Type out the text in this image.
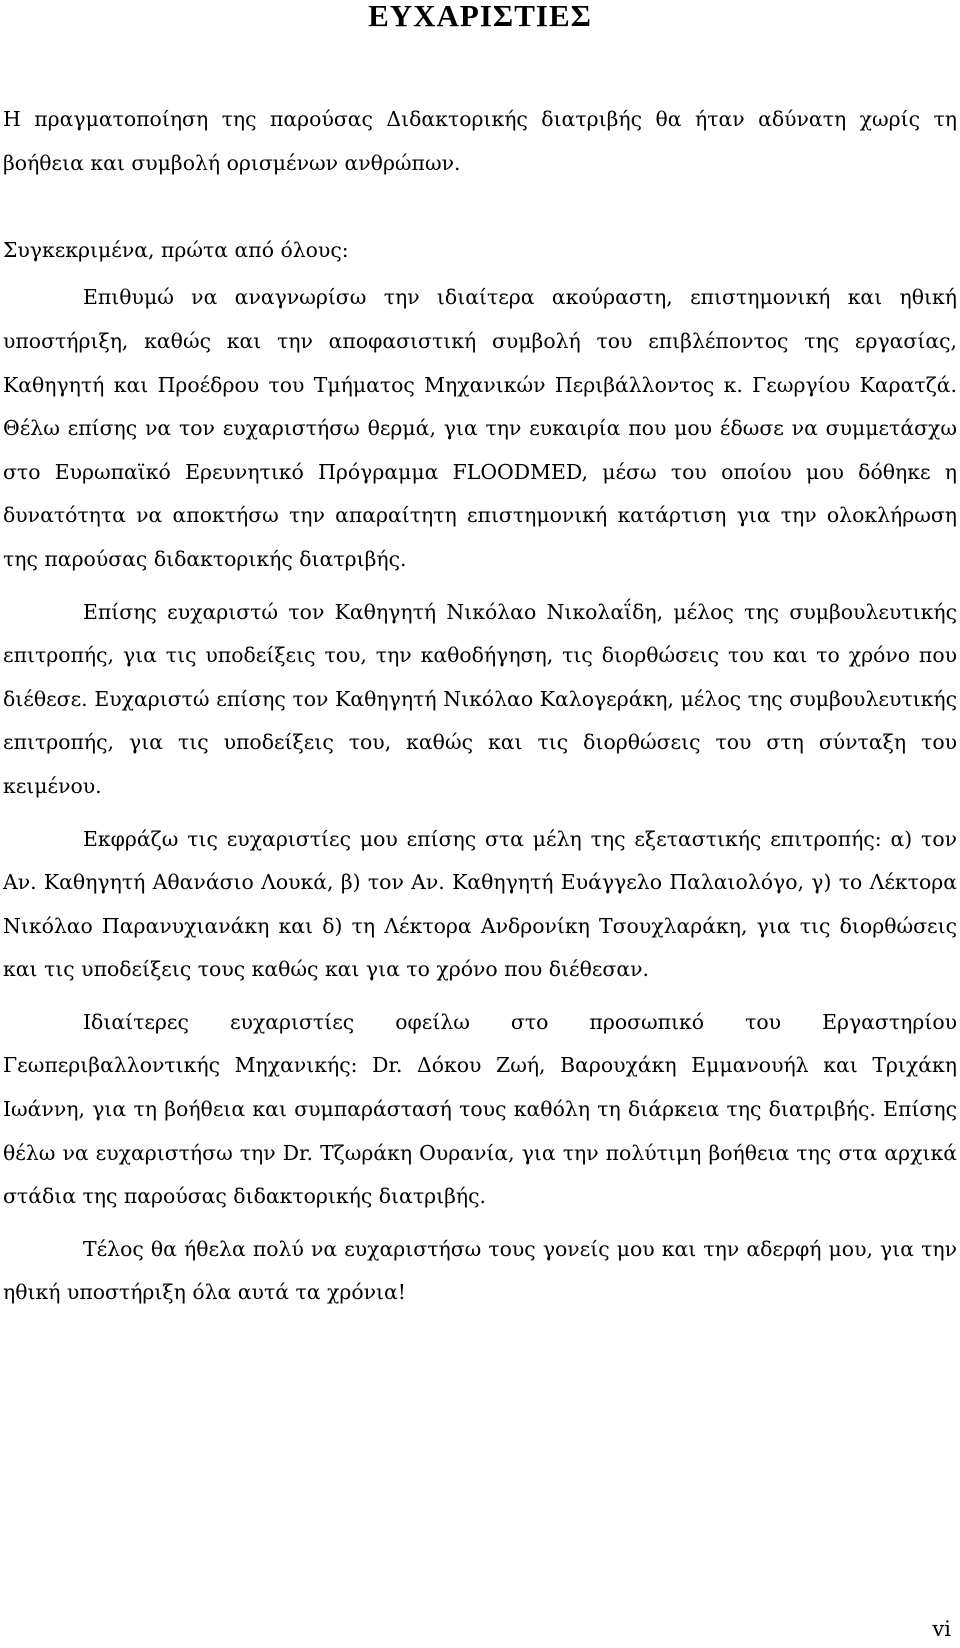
ΕΥΧΑΡΙΣΤΙΕΣ

Η πραγματοποίηση της παρούσας Διδακτορικής διατριβής θα ήταν αδύνατη χωρίς τη βοήθεια και συμβολή ορισμένων ανθρώπων.

Συγκεκριμένα, πρώτα από όλους:

Επιθυμώ να αναγνωρίσω την ιδιαίτερα ακούραστη, επιστημονική και ηθική υποστήριξη, καθώς και την αποφασιστική συμβολή του επιβλέποντος της εργασίας, Καθηγητή και Προέδρου του Τμήματος Μηχανικών Περιβάλλοντος κ. Γεωργίου Καρατζά. Θέλω επίσης να τον ευχαριστήσω θερμά, για την ευκαιρία που μου έδωσε να συμμετάσχω στο Ευρωπαϊκό Ερευνητικό Πρόγραμμα FLOODMED, μέσω του οποίου μου δόθηκε η δυνατότητα να αποκτήσω την απαραίτητη επιστημονική κατάρτιση για την ολοκλήρωση της παρούσας διδακτορικής διατριβής.

Επίσης ευχαριστώ τον Καθηγητή Νικόλαο Νικολαΐδη, μέλος της συμβουλευτικής επιτροπής, για τις υποδείξεις του, την καθοδήγηση, τις διορθώσεις του και το χρόνο που διέθεσε. Ευχαριστώ επίσης τον Καθηγητή Νικόλαο Καλογεράκη, μέλος της συμβουλευτικής επιτροπής, για τις υποδείξεις του, καθώς και τις διορθώσεις του στη σύνταξη του κειμένου.

Εκφράζω τις ευχαριστίες μου επίσης στα μέλη της εξεταστικής επιτροπής: α) τον Αν. Καθηγητή Αθανάσιο Λουκά, β) τον Αν. Καθηγητή Ευάγγελο Παλαιολόγο, γ) το Λέκτορα Νικόλαο Παρανυχιανάκη και δ) τη Λέκτορα Ανδρονίκη Τσουχλαράκη, για τις διορθώσεις και τις υποδείξεις τους καθώς και για το χρόνο που διέθεσαν.

Ιδιαίτερες ευχαριστίες οφείλω στο προσωπικό του Εργαστηρίου Γεωπεριβαλλοντικής Μηχανικής: Dr. Δόκου Ζωή, Βαρουχάκη Εμμανουήλ και Τριχάκη Ιωάννη, για τη βοήθεια και συμπαράστασή τους καθόλη τη διάρκεια της διατριβής. Επίσης θέλω να ευχαριστήσω την Dr. Τζωράκη Ουρανία, για την πολύτιμη βοήθεια της στα αρχικά στάδια της παρούσας διδακτορικής διατριβής.

Τέλος θα ήθελα πολύ να ευχαριστήσω τους γονείς μου και την αδερφή μου, για την ηθική υποστήριξη όλα αυτά τα χρόνια!

vi
